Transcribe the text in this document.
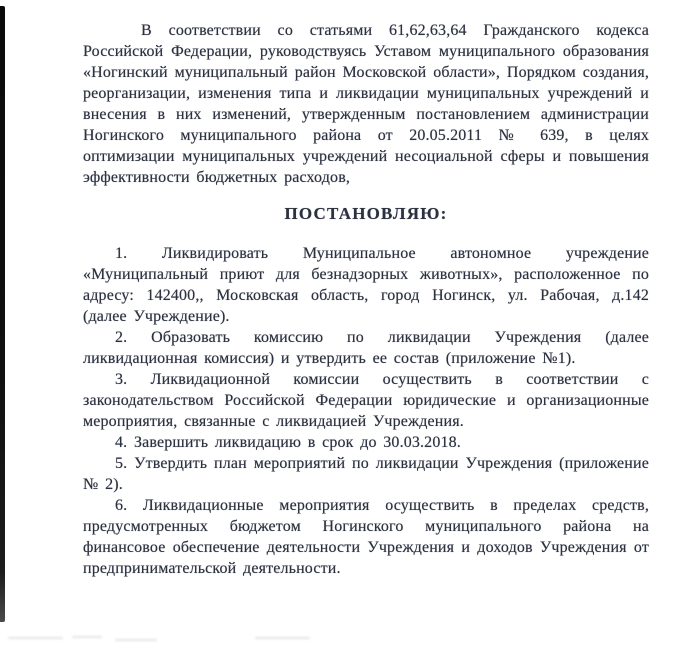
В соответствии со статьями 61,62,63,64 Гражданского кодекса Российской Федерации, руководствуясь Уставом муниципального образования «Ногинский муниципальный район Московской области», Порядком создания, реорганизации, изменения типа и ликвидации муниципальных учреждений и внесения в них изменений, утвержденным постановлением администрации Ногинского муниципального района от 20.05.2011 № 639, в целях оптимизации муниципальных учреждений несоциальной сферы и повышения эффективности бюджетных расходов,

ПОСТАНОВЛЯЮ:

1. Ликвидировать Муниципальное автономное учреждение «Муниципальный приют для безнадзорных животных», расположенное по адресу: 142400,, Московская область, город Ногинск, ул. Рабочая, д.142 (далее Учреждение).

2. Образовать комиссию по ликвидации Учреждения (далее ликвидационная комиссия) и утвердить ее состав (приложение №1).

3. Ликвидационной комиссии осуществить в соответствии с законодательством Российской Федерации юридические и организационные мероприятия, связанные с ликвидацией Учреждения.

4. Завершить ликвидацию в срок до 30.03.2018.

5. Утвердить план мероприятий по ликвидации Учреждения (приложение № 2).

6. Ликвидационные мероприятия осуществить в пределах средств, предусмотренных бюджетом Ногинского муниципального района на финансовое обеспечение деятельности Учреждения и доходов Учреждения от предпринимательской деятельности.
